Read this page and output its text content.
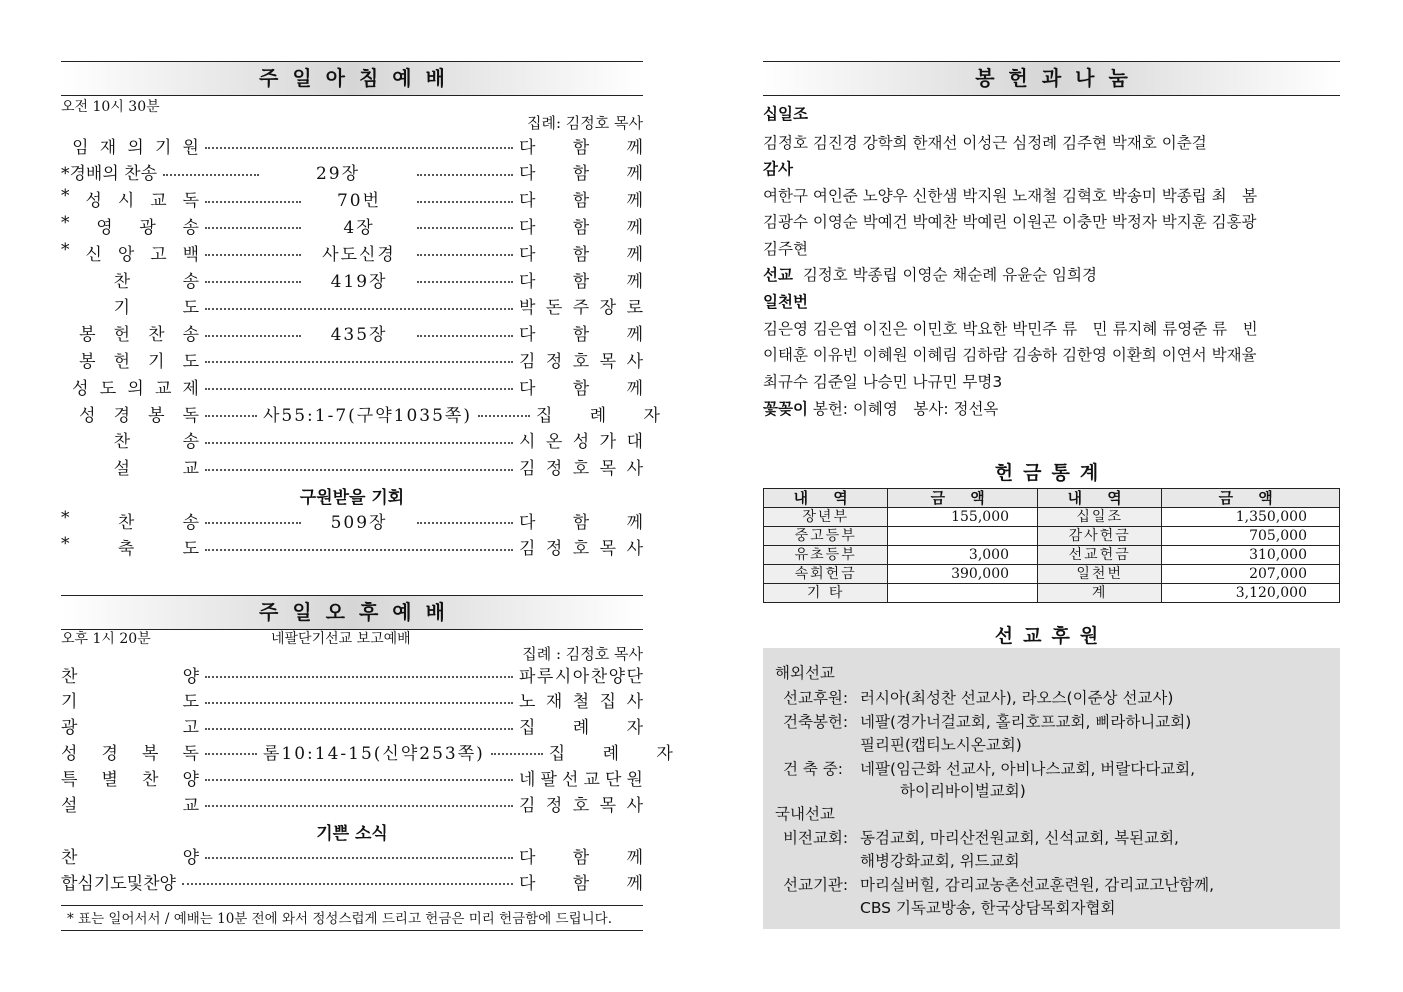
주일아침예배
오전 10시 30분
집례: 김정호 목사
임 재 의 기 원	다 함 께
*경배의 찬송	29장	다 함 께
* 성 시 교 독	70번	다 함 께
* 영 광 송	4장	다 함 께
* 신 앙 고 백	사도신경	다 함 께
찬	송	419장	다 함 께
기	도	박 돈 주 장 로
봉 헌 찬 송	435장	다 함 께
봉 헌 기 도	김 정 호 목 사
성 도 의 교 제	다 함 께
성 경 봉 독	사55:1-7(구약1035쪽)	집 례 자
찬	송	시 온 성 가 대
설	교	김 정 호 목 사
구원받을 기회
*	찬	송	509장	다 함 께
*	축	도	김 정 호 목 사
주일오후예배
오후 1시 20분	네팔단기선교 보고예배
집례 : 김정호 목사
찬	양	파 루 시 아 찬 양 단
기	도	노 재 철 집 사
광	고	집 례 자
성 경 복 독	롬10:14-15(신약253쪽)	집 례 자
특 별 찬 양	네 팔 선 교 단 원
설	교	김 정 호 목 사
기쁜 소식
찬	양	다 함 께
합심기도및찬양	다 함 께
* 표는 일어서서 / 예배는 10분 전에 와서 정성스럽게 드리고 헌금은 미리 헌금함에 드립니다.
봉헌과나눔
십일조
김정호 김진경 강학희 한재선 이성근 심정례 김주현 박재호 이춘걸
감사
여한구 여인준 노양우 신한샘 박지원 노재철 김혁호 박송미 박종립 최　봄
김광수 이영순 박예건 박예찬 박예린 이원곤 이충만 박정자 박지훈 김홍광
김주현
선교 김정호 박종립 이영순 채순례 유윤순 임희경
일천번
김은영 김은엽 이진은 이민호 박요한 박민주 류　민 류지혜 류영준 류　빈
이태훈 이유빈 이혜원 이혜림 김하람 김송하 김한영 이환희 이연서 박재율
최규수 김준일 나승민 나규민 무명3
꽃꽂이 봉헌: 이혜영　봉사: 정선옥
헌금통계
내 역	금 액	내 역	금 액
장년부	155,000	십일조	1,350,000
중고등부		감사헌금	705,000
유초등부	3,000	선교헌금	310,000
속회헌금	390,000	일천번	207,000
기 타		계	3,120,000
선교후원
해외선교
선교후원: 러시아(최성찬 선교사), 라오스(이준상 선교사)
건축봉헌: 네팔(경가너걸교회, 홀리호프교회, 삐라하니교회)
필리핀(캡티노시온교회)
건 축 중: 네팔(임근화 선교사, 아비나스교회, 버랄다다교회,
하이리바이벌교회)
국내선교
비전교회: 동검교회, 마리산전원교회, 신석교회, 복된교회,
해병강화교회, 위드교회
선교기관: 마리실버힐, 감리교농촌선교훈련원, 감리교고난함께,
CBS 기독교방송, 한국상담목회자협회
